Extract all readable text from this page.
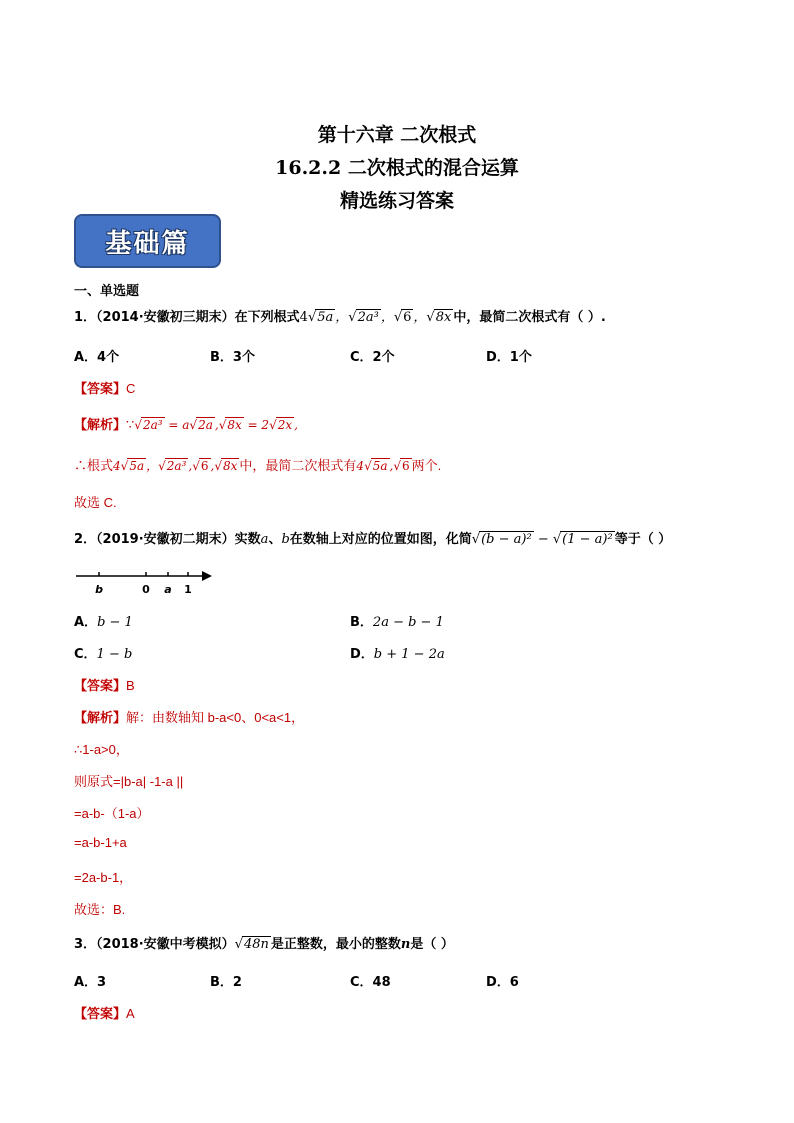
第十六章 二次根式
16.2.2 二次根式的混合运算
精选练习答案
基础篇
一、单选题
1．（2014·安徽初三期末）在下列根式4√5a ，√2a³ ，√6 ，√8x 中，最简二次根式有（ ）.
A．4个	B．3个	C．2个	D．1个
【答案】C
【解析】∵√2a³ = a√2a ,√8x = 2√2x ,
∴根式4√5a ，√2a³ ,√6 ,√8x 中，最简二次根式有4√5a ,√6 两个.
故选 C.
2．（2019·安徽初二期末）实数a、b在数轴上对应的位置如图，化简√(b − a)² − √(1 − a)² 等于（ ）
b	0 a 1
A．b − 1	B．2a − b − 1
C．1 − b	D．b + 1 − 2a
【答案】B
【解析】解：由数轴知 b-a<0、0<a<1，
∴1-a>0，
则原式=|b-a| -1-a ||
=a-b-（1-a）
=a-b-1+a
=2a-b-1，
故选：B.
3．（2018·安徽中考模拟）√48n 是正整数，最小的整数n是（ ）
A．3	B．2	C．48	D．6
【答案】A
